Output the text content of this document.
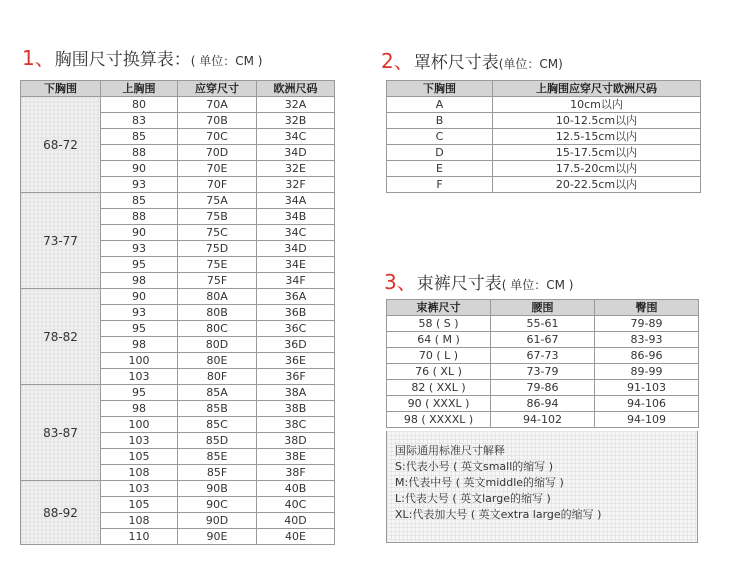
1、胸围尺寸换算表：( 单位：CM )
下胸围	上胸围	应穿尺寸	欧洲尺码
68-72	80	70A	32A
	83	70B	32B
	85	70C	34C
	88	70D	34D
	90	70E	32E
	93	70F	32F
73-77	85	75A	34A
	88	75B	34B
	90	75C	34C
	93	75D	34D
	95	75E	34E
	98	75F	34F
78-82	90	80A	36A
	93	80B	36B
	95	80C	36C
	98	80D	36D
	100	80E	36E
	103	80F	36F
83-87	95	85A	38A
	98	85B	38B
	100	85C	38C
	103	85D	38D
	105	85E	38E
	108	85F	38F
88-92	103	90B	40B
	105	90C	40C
	108	90D	40D
	110	90E	40E
2、罩杯尺寸表(单位：CM)
下胸围	上胸围应穿尺寸欧洲尺码
A	10cm以内
B	10-12.5cm以内
C	12.5-15cm以内
D	15-17.5cm以内
E	17.5-20cm以内
F	20-22.5cm以内
3、束裤尺寸表( 单位：CM )
束裤尺寸	腰围	臀围
58 ( S )	55-61	79-89
64 ( M )	61-67	83-93
70 ( L )	67-73	86-96
76 ( XL )	73-79	89-99
82 ( XXL )	79-86	91-103
90 ( XXXL )	86-94	94-106
98 ( XXXXL )	94-102	94-109
国际通用标准尺寸解释
S:代表小号 ( 英文small的缩写 )
M:代表中号 ( 英文middle的缩写 )
L:代表大号 ( 英文large的缩写 )
XL:代表加大号 ( 英文extra large的缩写 )
